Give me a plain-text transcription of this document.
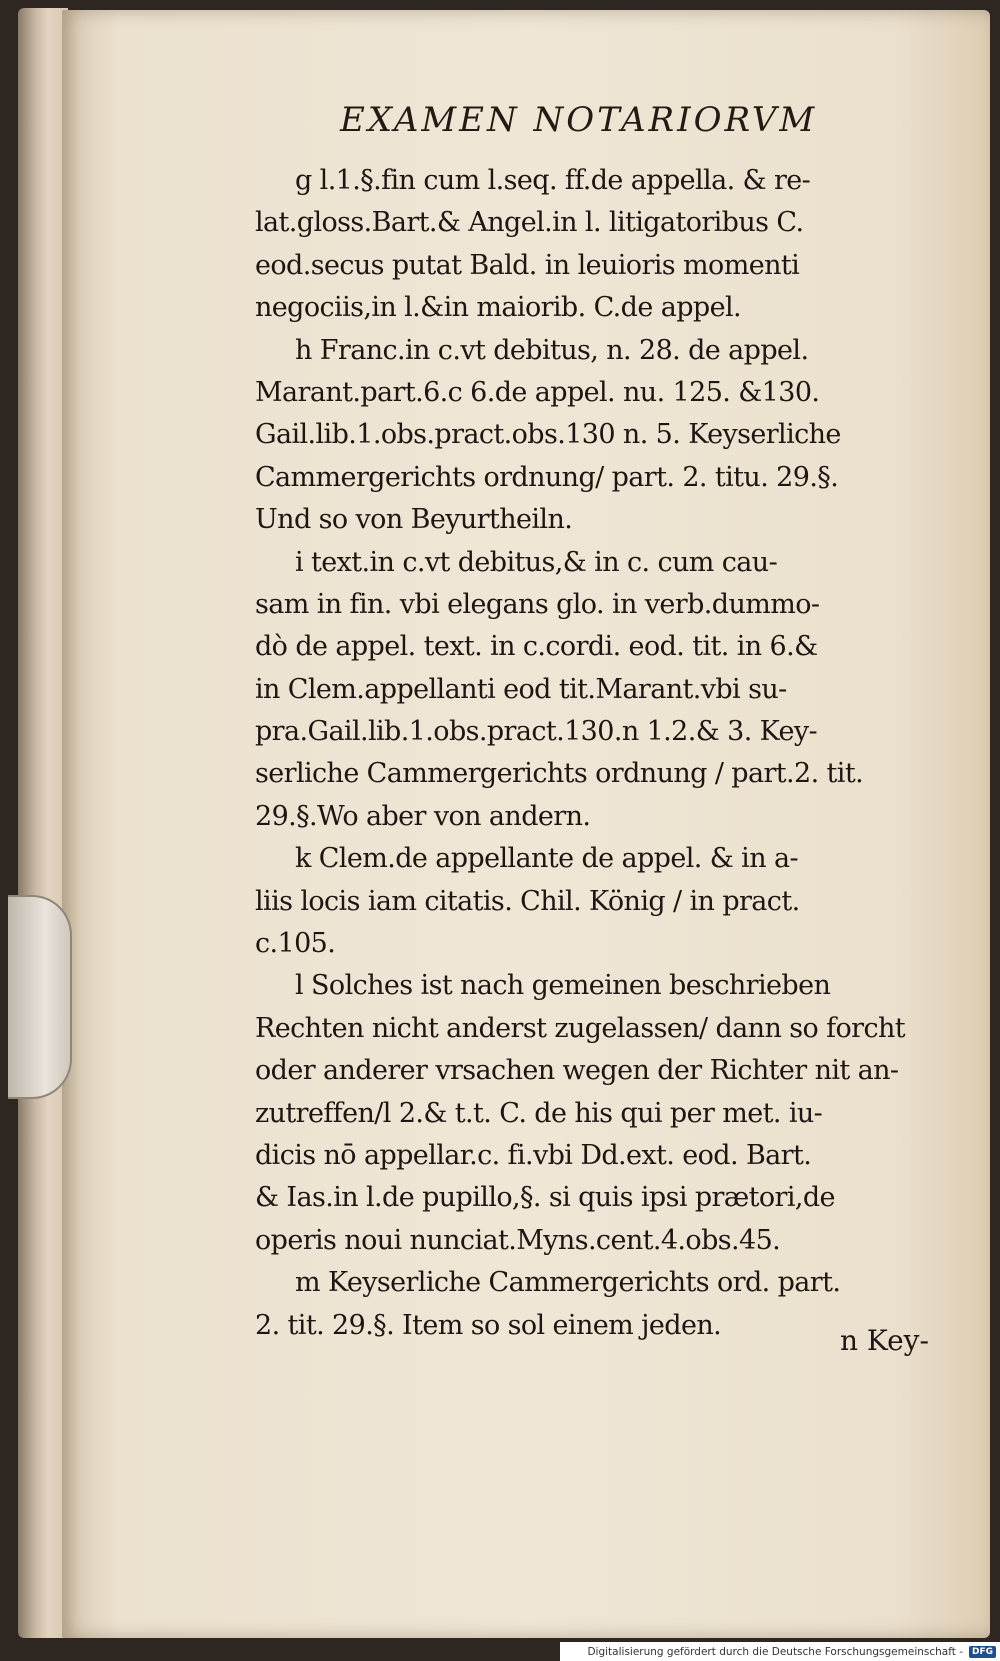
EXAMEN NOTARIORVM
g l.1.§.fin cum l.seq. ff.de appella. & re-
lat.gloss.Bart.& Angel.in l. litigatoribus C.
eod.secus putat Bald. in leuioris momenti
negociis,in l.&in maiorib. C.de appel.
h Franc.in c.vt debitus, n. 28. de appel.
Marant.part.6.c 6.de appel. nu. 125. &130.
Gail.lib.1.obs.pract.obs.130 n. 5. Keyserliche
Cammergerichts ordnung/ part. 2. titu. 29.§.
Und so von Beyurtheiln.
i text.in c.vt debitus,& in c. cum cau-
sam in fin. vbi elegans glo. in verb.dummo-
dò de appel. text. in c.cordi. eod. tit. in 6.&
in Clem.appellanti eod tit.Marant.vbi su-
pra.Gail.lib.1.obs.pract.130.n 1.2.& 3. Key-
serliche Cammergerichts ordnung / part.2. tit.
29.§.Wo aber von andern.
k Clem.de appellante de appel. & in a-
liis locis iam citatis. Chil. König / in pract.
c.105.
l Solches ist nach gemeinen beschrieben
Rechten nicht anderst zugelassen/ dann so forcht
oder anderer vrsachen wegen der Richter nit an-
zutreffen/l 2.& t.t. C. de his qui per met. iu-
dicis nō appellar.c. fi.vbi Dd.ext. eod. Bart.
& Ias.in l.de pupillo,§. si quis ipsi prætori,de
operis noui nunciat.Myns.cent.4.obs.45.
m Keyserliche Cammergerichts ord. part.
2. tit. 29.§. Item so sol einem jeden.	n Key-
Digitalisierung gefördert durch die Deutsche Forschungsgemeinschaft -	DFG
